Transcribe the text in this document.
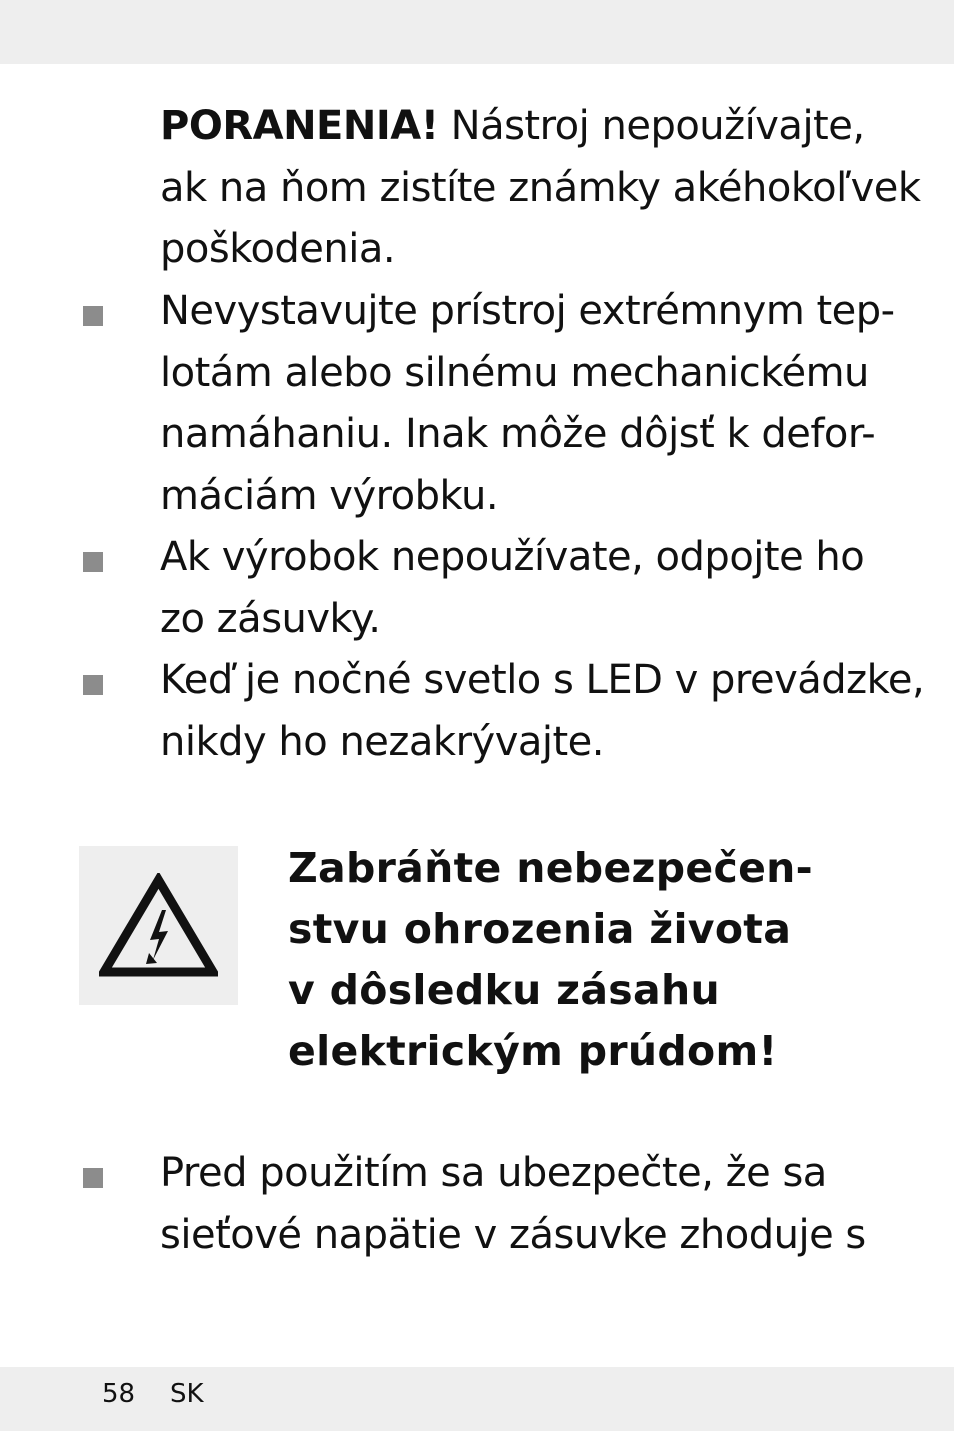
PORANENIA! Nástroj nepoužívajte,
ak na ňom zistíte známky akéhokoľvek
poškodenia.
Nevystavujte prístroj extrémnym tep-
lotám alebo silnému mechanickému
namáhaniu. Inak môže dôjsť k defor-
máciám výrobku.
Ak výrobok nepoužívate, odpojte ho
zo zásuvky.
Keď je nočné svetlo s LED v prevádzke,
nikdy ho nezakrývajte.
Zabráňte nebezpečen-
stvu ohrozenia života
v dôsledku zásahu
elektrickým prúdom!
Pred použitím sa ubezpečte, že sa
sieťové napätie v zásuvke zhoduje s
58 SK
